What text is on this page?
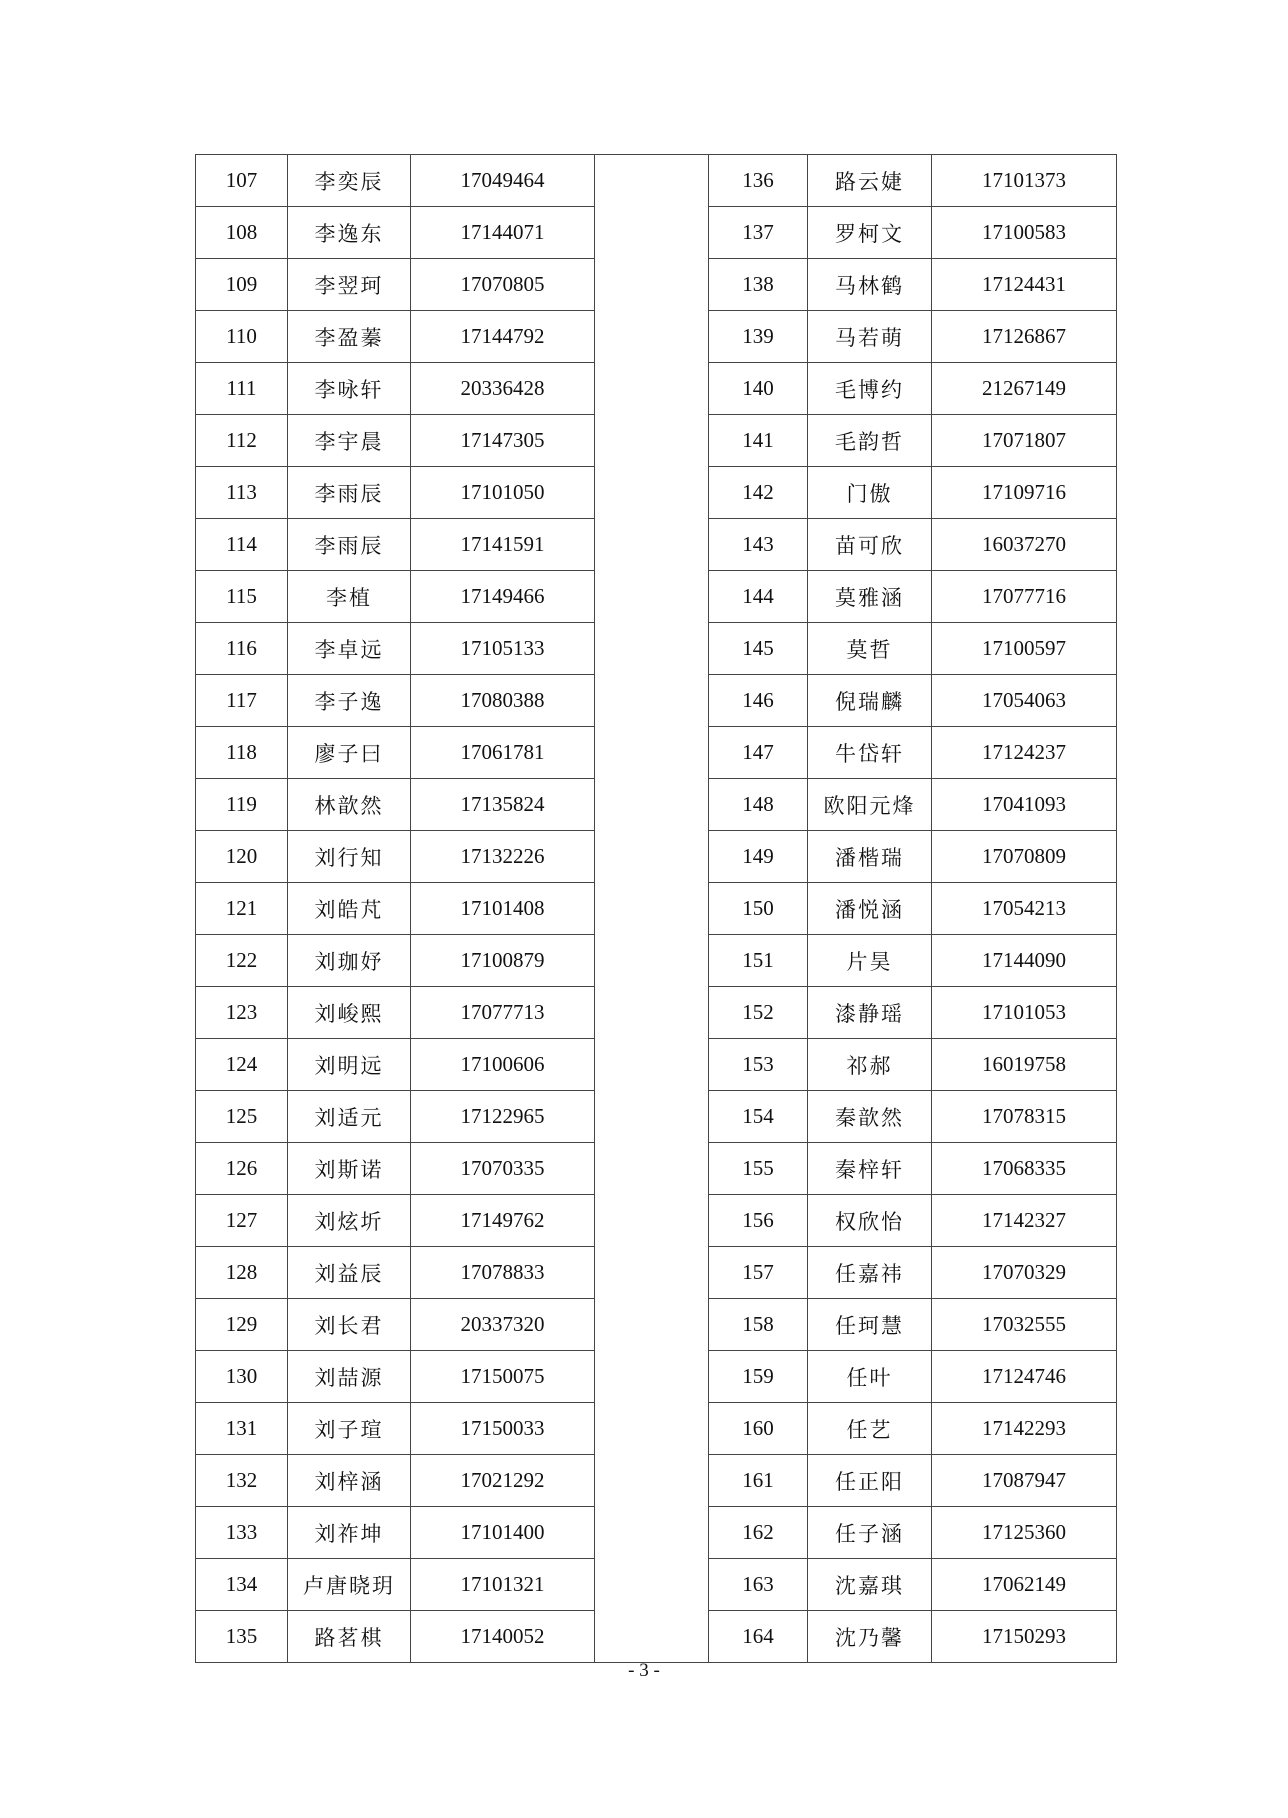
107	李奕辰	17049464		136	路云婕	17101373
108	李逸东	17144071		137	罗柯文	17100583
109	李翌珂	17070805		138	马林鹤	17124431
110	李盈蓁	17144792		139	马若萌	17126867
111	李咏轩	20336428		140	毛博约	21267149
112	李宇晨	17147305		141	毛韵哲	17071807
113	李雨辰	17101050		142	门傲	17109716
114	李雨辰	17141591		143	苗可欣	16037270
115	李植	17149466		144	莫雅涵	17077716
116	李卓远	17105133		145	莫哲	17100597
117	李子逸	17080388		146	倪瑞麟	17054063
118	廖子曰	17061781		147	牛岱轩	17124237
119	林歆然	17135824		148	欧阳元烽	17041093
120	刘行知	17132226		149	潘楷瑞	17070809
121	刘皓芃	17101408		150	潘悦涵	17054213
122	刘珈妤	17100879		151	片昊	17144090
123	刘峻熙	17077713		152	漆静瑶	17101053
124	刘明远	17100606		153	祁郝	16019758
125	刘适元	17122965		154	秦歆然	17078315
126	刘斯诺	17070335		155	秦梓轩	17068335
127	刘炫圻	17149762		156	权欣怡	17142327
128	刘益辰	17078833		157	任嘉祎	17070329
129	刘长君	20337320		158	任珂慧	17032555
130	刘喆源	17150075		159	任叶	17124746
131	刘子瑄	17150033		160	任艺	17142293
132	刘梓涵	17021292		161	任正阳	17087947
133	刘祚坤	17101400		162	任子涵	17125360
134	卢唐晓玥	17101321		163	沈嘉琪	17062149
135	路茗棋	17140052		164	沈乃馨	17150293
- 3 -
